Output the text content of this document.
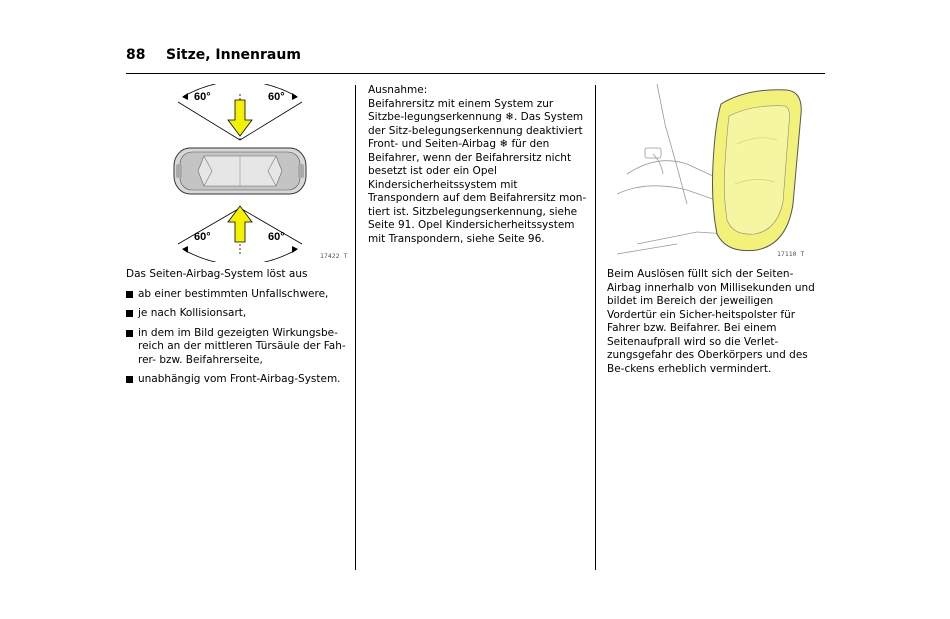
88 Sitze, Innenraum
60°	60°
60°	60°
17422 T	17110 T

Das Seiten-Airbag-System löst aus

ab einer bestimmten Unfallschwere,
je nach Kollisionsart,
in dem im Bild gezeigten Wirkungsbe-reich an der mittleren Türsäule der Fah-rer- bzw. Beifahrerseite,
unabhängig vom Front-Airbag-System.

Ausnahme:
Beifahrersitz mit einem System zur Sitzbe-legungserkennung ❄. Das System der Sitz-belegungserkennung deaktiviert Front- und Seiten-Airbag ❄ für den Beifahrer, wenn der Beifahrersitz nicht besetzt ist oder ein Opel Kindersicherheitssystem mit Transpondern auf dem Beifahrersitz mon-tiert ist. Sitzbelegungserkennung, siehe Seite 91. Opel Kindersicherheitssystem mit Transpondern, siehe Seite 96.

Beim Auslösen füllt sich der Seiten-Airbag innerhalb von Millisekunden und bildet im Bereich der jeweiligen Vordertür ein Sicher-heitspolster für Fahrer bzw. Beifahrer. Bei einem Seitenaufprall wird so die Verlet-zungsgefahr des Oberkörpers und des Be-ckens erheblich vermindert.
